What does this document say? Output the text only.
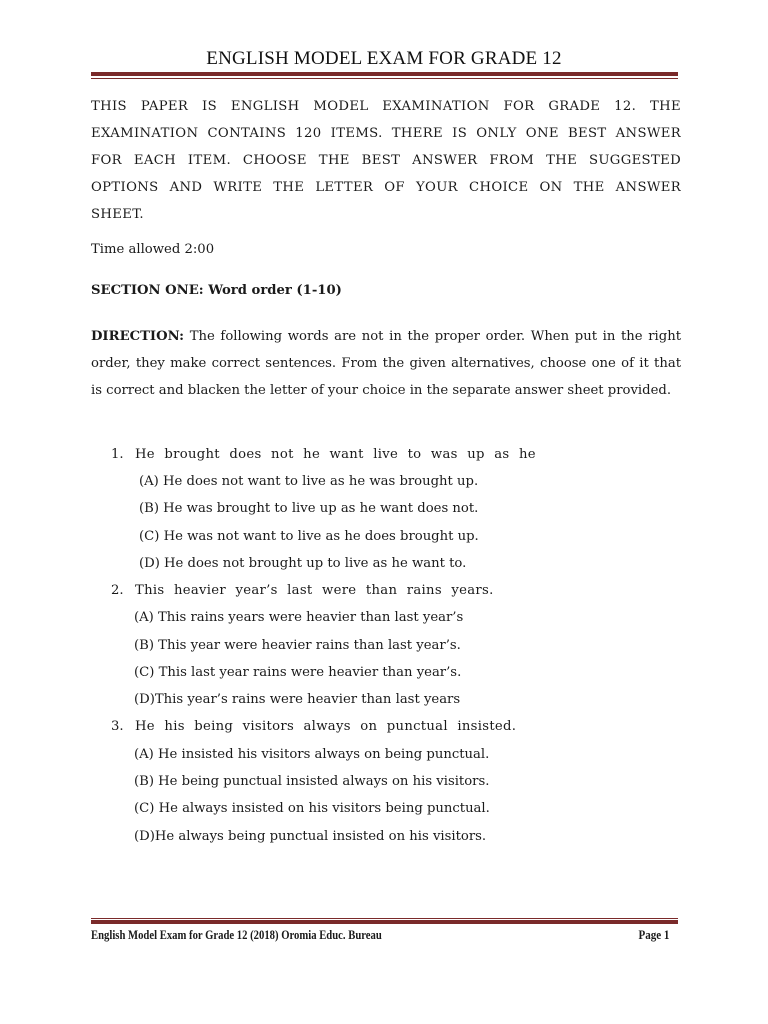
ENGLISH MODEL EXAM FOR GRADE 12
THIS PAPER IS ENGLISH MODEL EXAMINATION FOR GRADE 12. THE EXAMINATION CONTAINS 120 ITEMS. THERE IS ONLY ONE BEST ANSWER FOR EACH ITEM. CHOOSE THE BEST ANSWER FROM THE SUGGESTED OPTIONS AND WRITE THE LETTER OF YOUR CHOICE ON THE ANSWER SHEET.
Time allowed 2:00
SECTION ONE: Word order (1-10)
DIRECTION: The following words are not in the proper order. When put in the right order, they make correct sentences. From the given alternatives, choose one of it that is correct and blacken the letter of your choice in the separate answer sheet provided.
1. He brought does not he want live to was up as he
(A) He does not want to live as he was brought up.
(B) He was brought to live up as he want does not.
(C) He was not want to live as he does brought up.
(D) He does not brought up to live as he want to.
2. This heavier year’s last were than rains years.
(A) This rains years were heavier than last year’s
(B) This year were heavier rains than last year’s.
(C) This last year rains were heavier than year’s.
(D)This year’s rains were heavier than last years
3. He his being visitors always on punctual insisted.
(A) He insisted his visitors always on being punctual.
(B) He being punctual insisted always on his visitors.
(C) He always insisted on his visitors being punctual.
(D)He always being punctual insisted on his visitors.
English Model Exam for Grade 12 (2018) Oromia Educ. Bureau	Page 1
